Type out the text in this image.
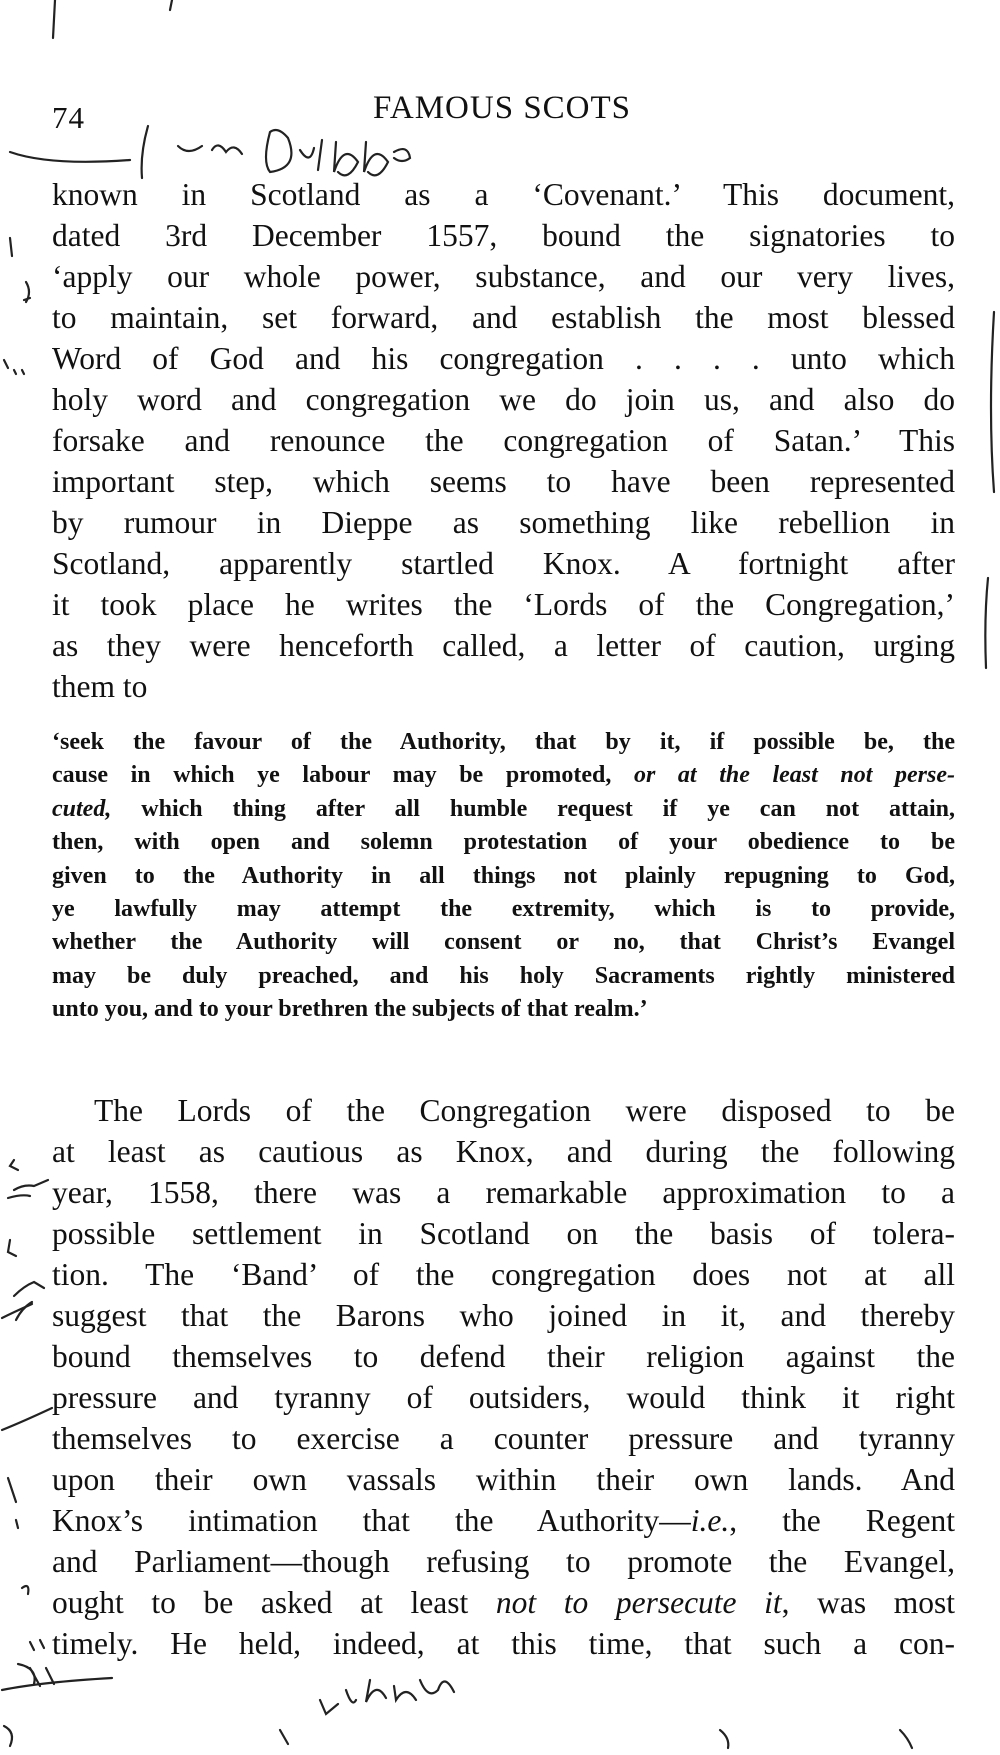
74	FAMOUS SCOTS
known in Scotland as a ‘Covenant.’ This document,
dated 3rd December 1557, bound the signatories to
‘apply our whole power, substance, and our very lives,
to maintain, set forward, and establish the most blessed
Word of God and his congregation . . . . unto which
holy word and congregation we do join us, and also do
forsake and renounce the congregation of Satan.’ This
important step, which seems to have been represented
by rumour in Dieppe as something like rebellion in
Scotland, apparently startled Knox. A fortnight after
it took place he writes the ‘Lords of the Congregation,’
as they were henceforth called, a letter of caution, urging
them to
‘seek the favour of the Authority, that by it, if possible be, the
cause in which ye labour may be promoted, or at the least not perse-
cuted, which thing after all humble request if ye can not attain,
then, with open and solemn protestation of your obedience to be
given to the Authority in all things not plainly repugning to God,
ye lawfully may attempt the extremity, which is to provide,
whether the Authority will consent or no, that Christ’s Evangel
may be duly preached, and his holy Sacraments rightly ministered
unto you, and to your brethren the subjects of that realm.’
The Lords of the Congregation were disposed to be
at least as cautious as Knox, and during the following
year, 1558, there was a remarkable approximation to a
possible settlement in Scotland on the basis of tolera-
tion. The ‘Band’ of the congregation does not at all
suggest that the Barons who joined in it, and thereby
bound themselves to defend their religion against the
pressure and tyranny of outsiders, would think it right
themselves to exercise a counter pressure and tyranny
upon their own vassals within their own lands. And
Knox’s intimation that the Authority—i.e., the Regent
and Parliament—though refusing to promote the Evangel,
ought to be asked at least not to persecute it, was most
timely. He held, indeed, at this time, that such a con-
